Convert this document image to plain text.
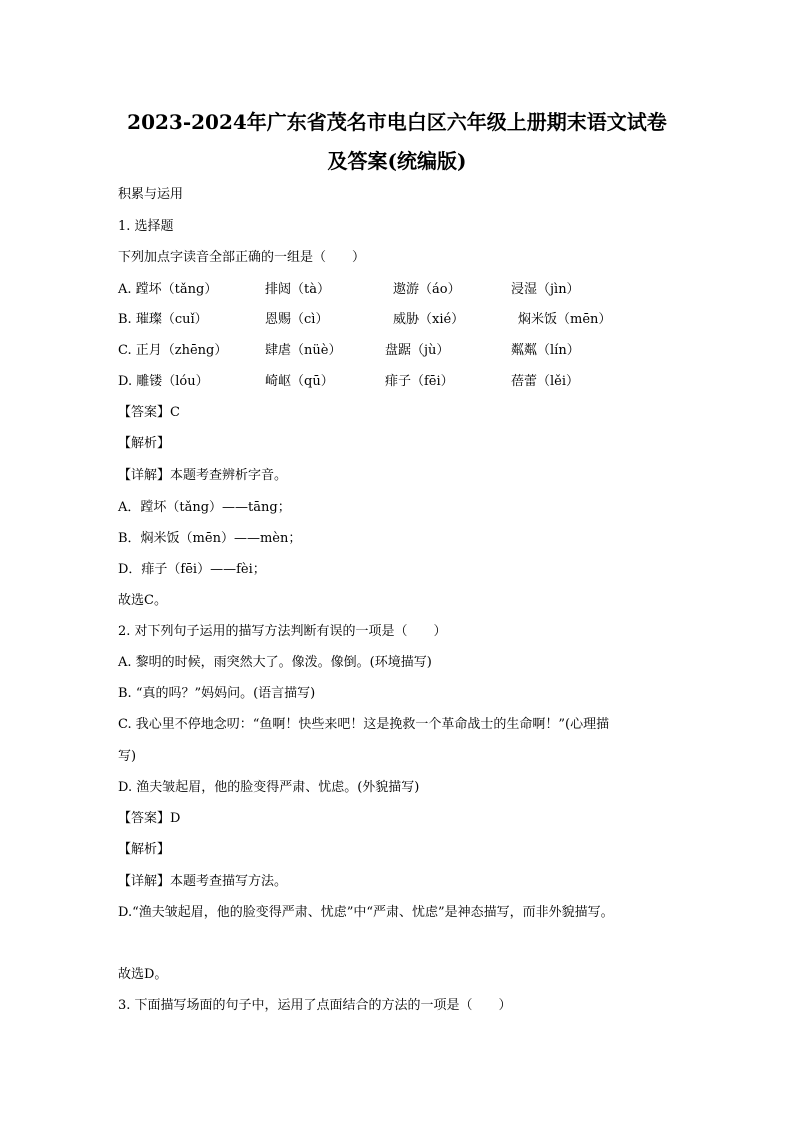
2023-2024年广东省茂名市电白区六年级上册期末语文试卷
及答案(统编版)
积累与运用
1. 选择题
下列加点字读音全部正确的一组是（　　）
A. 蹚坏（tǎng）	排闼（tà）	遨游（áo）	浸湿（jìn）
B. 璀璨（cuǐ）	恩赐（cì）	威胁（xié）	焖米饭（mēn）
C. 正月（zhēng）	肆虐（nüè）	盘踞（jù）	粼粼（lín）
D. 雕镂（lóu）	崎岖（qū）	痱子（fēi）	蓓蕾（lěi）
【答案】C
【解析】
【详解】本题考查辨析字音。
A．蹚坏（tǎng）——tāng；
B．焖米饭（mēn）——mèn；
D．痱子（fēi）——fèi；
故选C。
2. 对下列句子运用的描写方法判断有误的一项是（　　）
A. 黎明的时候，雨突然大了。像泼。像倒。(环境描写)
B. “真的吗？”妈妈问。(语言描写)
C. 我心里不停地念叨：“鱼啊！快些来吧！这是挽救一个革命战士的生命啊！”(心理描
写)
D. 渔夫皱起眉，他的脸变得严肃、忧虑。(外貌描写)
【答案】D
【解析】
【详解】本题考查描写方法。
D.“渔夫皱起眉，他的脸变得严肃、忧虑”中“严肃、忧虑”是神态描写，而非外貌描写。
故选D。
3. 下面描写场面的句子中，运用了点面结合的方法的一项是（　　）
